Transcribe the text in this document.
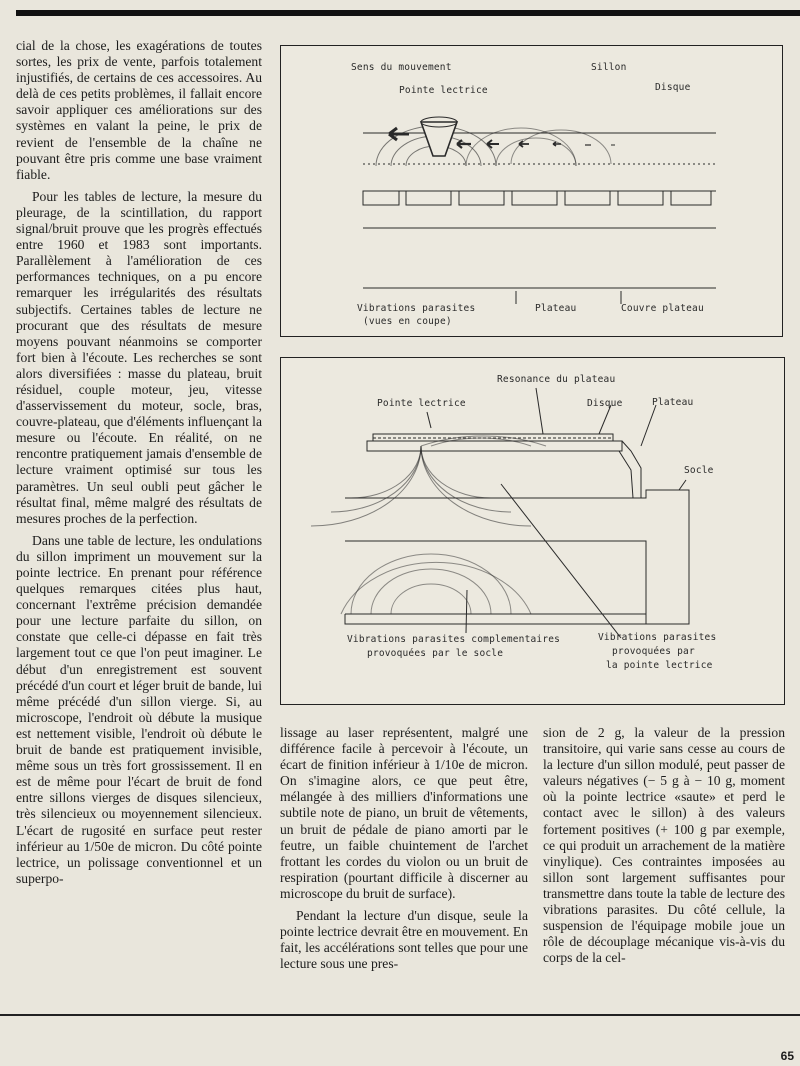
cial de la chose, les exagérations de toutes sortes, les prix de vente, parfois totalement injustifiés, de certains de ces accessoires. Au delà de ces petits problèmes, il fallait encore savoir appliquer ces améliorations sur des systèmes en valant la peine, le prix de revient de l'ensemble de la chaîne ne pouvant être pris comme une base vraiment fiable.

Pour les tables de lecture, la mesure du pleurage, de la scintillation, du rapport signal/bruit prouve que les progrès effectués entre 1960 et 1983 sont importants. Parallèlement à l'amélioration de ces performances techniques, on a pu encore remarquer les irrégularités des résultats subjectifs. Certaines tables de lecture ne procurant que des résultats de mesure moyens pouvant néanmoins se comporter fort bien à l'écoute. Les recherches se sont alors diversifiées : masse du plateau, bruit résiduel, couple moteur, jeu, vitesse d'asservissement du moteur, socle, bras, couvre-plateau, que d'éléments influençant la mesure ou l'écoute. En réalité, on ne rencontre pratiquement jamais d'ensemble de lecture vraiment optimisé sur tous les paramètres. Un seul oubli peut gâcher le résultat final, même malgré des résultats de mesures proches de la perfection.

Dans une table de lecture, les ondulations du sillon impriment un mouvement sur la pointe lectrice. En prenant pour référence quelques remarques citées plus haut, concernant l'extrême précision demandée pour une lecture parfaite du sillon, on constate que celle-ci dépasse en fait très largement tout ce que l'on peut imaginer. Le début d'un enregistrement est souvent précédé d'un court et léger bruit de bande, lui même précédé d'un sillon vierge. Si, au microscope, l'endroit où débute la musique est nettement visible, l'endroit où débute le bruit de bande est pratiquement invisible, même sous un très fort grossissement. Il en est de même pour l'écart de bruit de fond entre sillons vierges de disques silencieux, très silencieux ou moyennement silencieux. L'écart de rugosité en surface peut rester inférieur au 1/50e de micron. Du côté pointe lectrice, un polissage conventionnel et un superpo-

Sens du mouvement	Sillon
Pointe lectrice	Disque
Vibrations parasites
(vues en coupe)
Plateau	Couvre plateau
Resonance du plateau
Pointe lectrice	Disque	Plateau
Socle
Vibrations parasites complementaires
provoquées par le socle
Vibrations parasites
provoquées par
la pointe lectrice

lissage au laser représentent, malgré une différence facile à percevoir à l'écoute, un écart de finition inférieur à 1/10e de micron. On s'imagine alors, ce que peut être, mélangée à des milliers d'informations une subtile note de piano, un bruit de vêtements, un bruit de pédale de piano amorti par le feutre, un faible chuintement de l'archet frottant les cordes du violon ou un bruit de respiration (pourtant difficile à discerner au microscope du bruit de surface).

Pendant la lecture d'un disque, seule la pointe lectrice devrait être en mouvement. En fait, les accélérations sont telles que pour une lecture sous une pres-

sion de 2 g, la valeur de la pression transitoire, qui varie sans cesse au cours de la lecture d'un sillon modulé, peut passer de valeurs négatives (− 5 g à − 10 g, moment où la pointe lectrice «saute» et perd le contact avec le sillon) à des valeurs fortement positives (+ 100 g par exemple, ce qui produit un arrachement de la matière vinylique). Ces contraintes imposées au sillon sont largement suffisantes pour transmettre dans toute la table de lecture des vibrations parasites. Du côté cellule, la suspension de l'équipage mobile joue un rôle de découplage mécanique vis-à-vis du corps de la cel-

65
